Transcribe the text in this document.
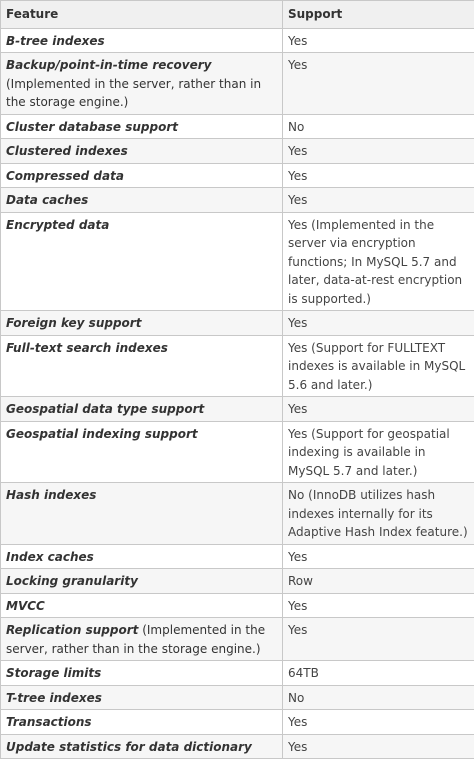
Feature	Support
B-tree indexes	Yes
Backup/point-in-time recovery (Implemented in the server, rather than in the storage engine.)	Yes
Cluster database support	No
Clustered indexes	Yes
Compressed data	Yes
Data caches	Yes
Encrypted data	Yes (Implemented in the server via encryption functions; In MySQL 5.7 and later, data-at-rest encryption is supported.)
Foreign key support	Yes
Full-text search indexes	Yes (Support for FULLTEXT indexes is available in MySQL 5.6 and later.)
Geospatial data type support	Yes
Geospatial indexing support	Yes (Support for geospatial indexing is available in MySQL 5.7 and later.)
Hash indexes	No (InnoDB utilizes hash indexes internally for its Adaptive Hash Index feature.)
Index caches	Yes
Locking granularity	Row
MVCC	Yes
Replication support (Implemented in the server, rather than in the storage engine.)	Yes
Storage limits	64TB
T-tree indexes	No
Transactions	Yes
Update statistics for data dictionary	Yes
